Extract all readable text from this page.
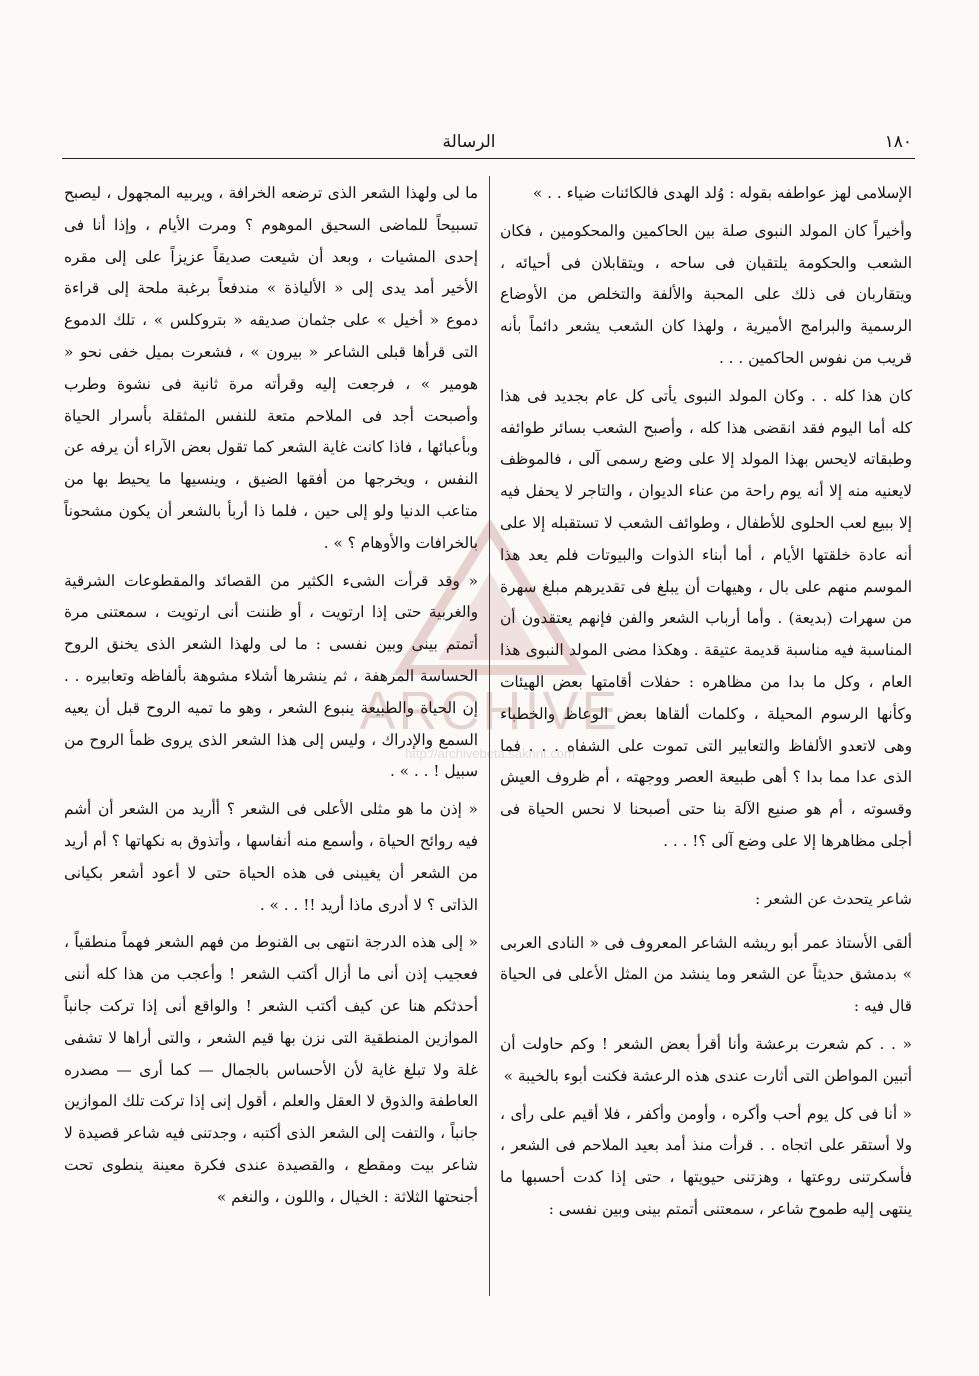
الرسالة	١٨٠

الإسلامى لهز عواطفه بقوله : وُلد الهدى فالكائنات ضياء . . »

وأخيراً كان المولد النبوى صلة بين الحاكمين والمحكومين ، فكان الشعب والحكومة يلتقيان فى ساحه ، ويتقابلان فى أحيائه ، ويتقاربان فى ذلك على المحبة والألفة والتخلص من الأوضاع الرسمية والبرامج الأميرية ، ولهذا كان الشعب يشعر دائماً بأنه قريب من نفوس الحاكمين . . .

كان هذا كله . . وكان المولد النبوى يأتى كل عام بجديد فى هذا كله أما اليوم فقد انقضى هذا كله ، وأصبح الشعب بسائر طوائفه وطبقاته لايحس بهذا المولد إلا على وضع رسمى آلى ، فالموظف لايعنيه منه إلا أنه يوم راحة من عناء الديوان ، والتاجر لا يحفل فيه إلا ببيع لعب الحلوى للأطفال ، وطوائف الشعب لا تستقبله إلا على أنه عادة خلقتها الأيام ، أما أبناء الذوات والبيوتات فلم يعد هذا الموسم منهم على بال ، وهيهات أن يبلغ فى تقديرهم مبلغ سهرة من سهرات (بديعة) . وأما أرباب الشعر والفن فإنهم يعتقدون أن المناسبة فيه مناسبة قديمة عتيقة . وهكذا مضى المولد النبوى هذا العام ، وكل ما بدا من مظاهره : حفلات أقامتها بعض الهيئات وكأنها الرسوم المحيلة ، وكلمات ألقاها بعض الوعاظ والخطباء وهى لاتعدو الألفاظ والتعابير التى تموت على الشفاه . . . فما الذى عدا مما بدا ؟ أهى طبيعة العصر ووجهته ، أم ظروف العيش وقسوته ، أم هو صنيع الآلة بنا حتى أصبحنا لا نحس الحياة فى أجلى مظاهرها إلا على وضع آلى ؟! . . .

شاعر يتحدث عن الشعر :

ألقى الأستاذ عمر أبو ريشه الشاعر المعروف فى « النادى العربى » بدمشق حديثاً عن الشعر وما ينشد من المثل الأعلى فى الحياة قال فيه :

« . . كم شعرت برعشة وأنا أقرأ بعض الشعر ! وكم حاولت أن أتبين المواطن التى أثارت عندى هذه الرعشة فكنت أبوء بالخيبة »

« أنا فى كل يوم أحب وأكره ، وأومن وأكفر ، فلا أقيم على رأى ، ولا أستقر على اتجاه . . قرأت منذ أمد بعيد الملاحم فى الشعر ، فأسكرتنى روعتها ، وهزتنى حيويتها ، حتى إذا كدت أحسبها ما ينتهى إليه طموح شاعر ، سمعتنى أتمتم بينى وبين نفسى :

ما لى ولهذا الشعر الذى ترضعه الخرافة ، ويربيه المجهول ، ليصبح تسبيحاً للماضى السحيق الموهوم ؟ ومرت الأيام ، وإذا أنا فى إحدى المشيات ، وبعد أن شيعت صديقاً عزيزاً على إلى مقره الأخير أمد يدى إلى « الألياذة » مندفعاً برغبة ملحة إلى قراءة دموع « أخيل » على جثمان صديقه « بتروكلس » ، تلك الدموع التى قرأها قبلى الشاعر « بيرون » ، فشعرت بميل خفى نحو « هومير » ، فرجعت إليه وقرأته مرة ثانية فى نشوة وطرب وأصبحت أجد فى الملاحم متعة للنفس المثقلة بأسرار الحياة وبأعبائها ، فاذا كانت غاية الشعر كما تقول بعض الآراء أن يرفه عن النفس ، ويخرجها من أفقها الضيق ، وينسيها ما يحيط بها من متاعب الدنيا ولو إلى حين ، فلما ذا أربأ بالشعر أن يكون مشحوناً بالخرافات والأوهام ؟ » .

« وقد قرأت الشىء الكثير من القصائد والمقطوعات الشرقية والغربية حتى إذا ارتويت ، أو ظننت أنى ارتويت ، سمعتنى مرة أتمتم بينى وبين نفسى : ما لى ولهذا الشعر الذى يخنق الروح الحساسة المرهفة ، ثم ينشرها أشلاء مشوهة بألفاظه وتعابيره . . إن الحياة والطبيعة ينبوع الشعر ، وهو ما تميه الروح قبل أن يعيه السمع والإدراك ، وليس إلى هذا الشعر الذى يروى ظمأ الروح من سبيل ! . . » .

« إذن ما هو مثلى الأعلى فى الشعر ؟ أأريد من الشعر أن أشم فيه روائح الحياة ، وأسمع منه أنفاسها ، وأتذوق به نكهاتها ؟ أم أريد من الشعر أن يغيبنى فى هذه الحياة حتى لا أعود أشعر بكيانى الذاتى ؟ لا أدرى ماذا أريد !! . . » .

« إلى هذه الدرجة انتهى بى القنوط من فهم الشعر فهماً منطقياً ، فعجيب إذن أنى ما أزال أكتب الشعر ! وأعجب من هذا كله أننى أحدثكم هنا عن كيف أكتب الشعر ! والواقع أنى إذا تركت جانباً الموازين المنطقية التى نزن بها قيم الشعر ، والتى أراها لا تشفى غلة ولا تبلغ غاية لأن الأحساس بالجمال — كما أرى — مصدره العاطفة والذوق لا العقل والعلم ، أقول إنى إذا تركت تلك الموازين جانباً ، والتفت إلى الشعر الذى أكتبه ، وجدتنى فيه شاعر قصيدة لا شاعر بيت ومقطع ، والقصيدة عندى فكرة معينة ينطوى تحت أجنحتها الثلاثة : الخيال ، واللون ، والنغم »

ARCHIVE
http://archivebeta.sakhrit.com
